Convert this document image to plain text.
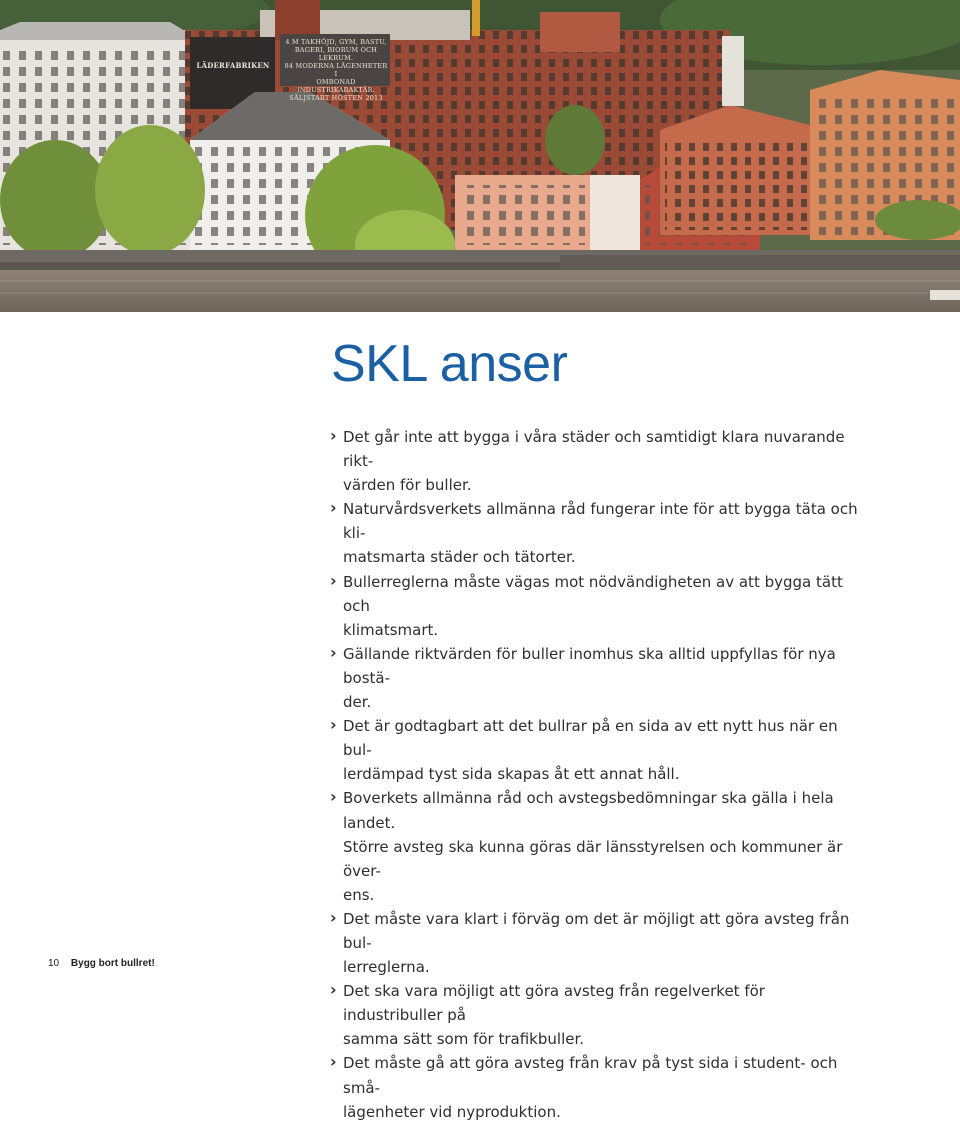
LÄDERFABRIKEN
4 M TAKHÖJD, GYM, BASTU,
BAGERI, BIORUM OCH LEKRUM.
84 MODERNA LÄGENHETER I
OMBONAD INDUSTRIKARAKTÄR.
SÄLJSTART HÖSTEN 2013
SKL anser
› Det går inte att bygga i våra städer och samtidigt klara nuvarande rikt-
värden för buller.
› Naturvårdsverkets allmänna råd fungerar inte för att bygga täta och kli-
matsmarta städer och tätorter.
› Bullerreglerna måste vägas mot nödvändigheten av att bygga tätt och
klimatsmart.
› Gällande riktvärden för buller inomhus ska alltid uppfyllas för nya bostä-
der.
› Det är godtagbart att det bullrar på en sida av ett nytt hus när en bul-
lerdämpad tyst sida skapas åt ett annat håll.
› Boverkets allmänna råd och avstegsbedömningar ska gälla i hela landet.
Större avsteg ska kunna göras där länsstyrelsen och kommuner är över-
ens.
› Det måste vara klart i förväg om det är möjligt att göra avsteg från bul-
lerreglerna.
› Det ska vara möjligt att göra avsteg från regelverket för industribuller på
samma sätt som för trafikbuller.
› Det måste gå att göra avsteg från krav på tyst sida i student- och små-
lägenheter vid nyproduktion.
10 Bygg bort bullret!
